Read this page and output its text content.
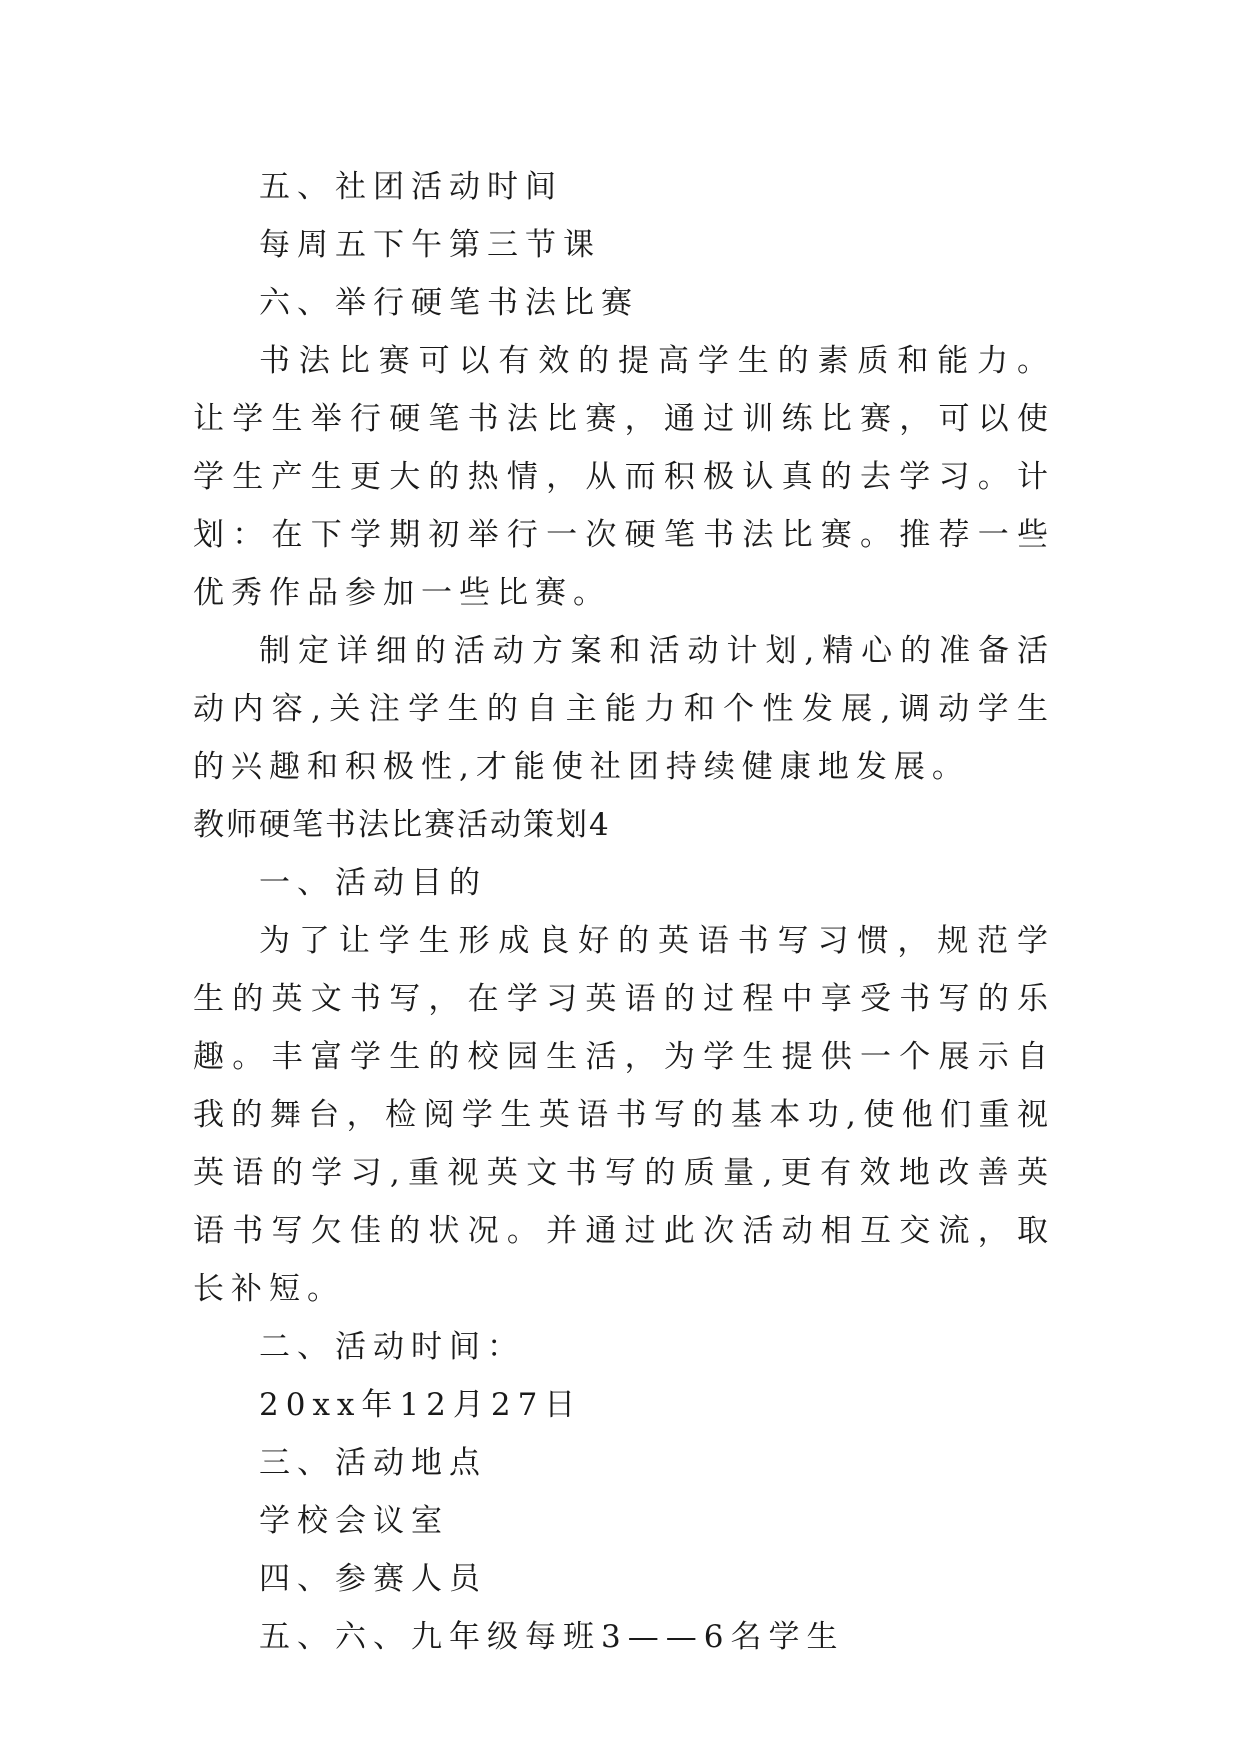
五、社团活动时间

每周五下午第三节课

六、举行硬笔书法比赛

书法比赛可以有效的提高学生的素质和能力。让学生举行硬笔书法比赛，通过训练比赛，可以使学生产生更大的热情，从而积极认真的去学习。计划：在下学期初举行一次硬笔书法比赛。推荐一些优秀作品参加一些比赛。

制定详细的活动方案和活动计划,精心的准备活动内容,关注学生的自主能力和个性发展,调动学生的兴趣和积极性,才能使社团持续健康地发展。

教师硬笔书法比赛活动策划4

一、活动目的

为了让学生形成良好的英语书写习惯，规范学生的英文书写，在学习英语的过程中享受书写的乐趣。丰富学生的校园生活，为学生提供一个展示自我的舞台，检阅学生英语书写的基本功,使他们重视英语的学习,重视英文书写的质量,更有效地改善英语书写欠佳的状况。并通过此次活动相互交流，取长补短。

二、活动时间：

20xx年12月27日

三、活动地点

学校会议室

四、参赛人员

五、六、九年级每班3——6名学生
